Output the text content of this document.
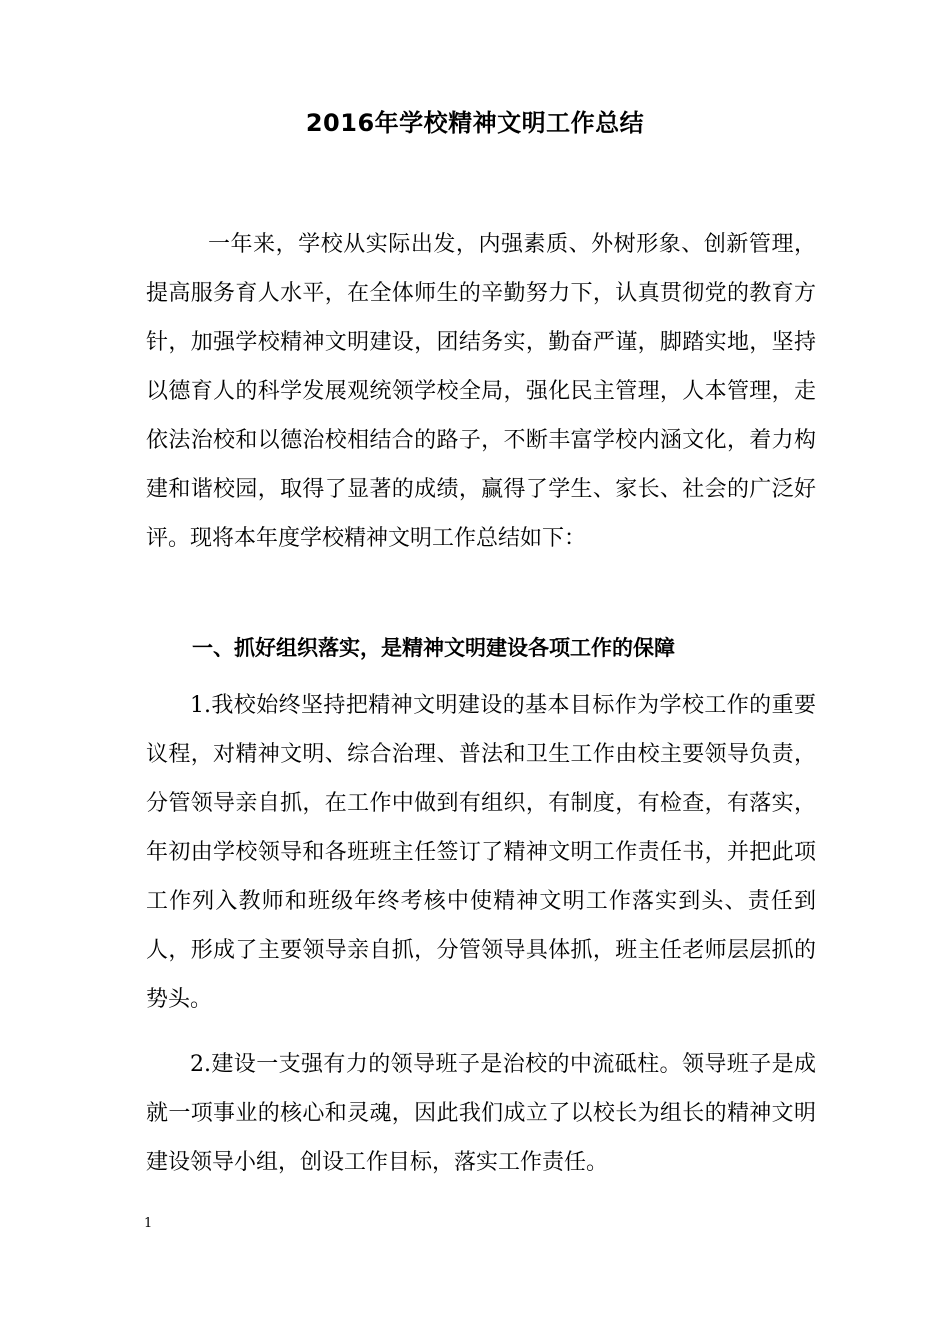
2016年学校精神文明工作总结

一年来，学校从实际出发，内强素质、外树形象、创新管理，提高服务育人水平，在全体师生的辛勤努力下，认真贯彻党的教育方针，加强学校精神文明建设，团结务实，勤奋严谨，脚踏实地，坚持以德育人的科学发展观统领学校全局，强化民主管理，人本管理，走依法治校和以德治校相结合的路子，不断丰富学校内涵文化，着力构建和谐校园，取得了显著的成绩，赢得了学生、家长、社会的广泛好评。现将本年度学校精神文明工作总结如下：

一、抓好组织落实，是精神文明建设各项工作的保障

1.我校始终坚持把精神文明建设的基本目标作为学校工作的重要议程，对精神文明、综合治理、普法和卫生工作由校主要领导负责，分管领导亲自抓，在工作中做到有组织，有制度，有检查，有落实，年初由学校领导和各班班主任签订了精神文明工作责任书，并把此项工作列入教师和班级年终考核中使精神文明工作落实到头、责任到人，形成了主要领导亲自抓，分管领导具体抓，班主任老师层层抓的势头。

2.建设一支强有力的领导班子是治校的中流砥柱。领导班子是成就一项事业的核心和灵魂，因此我们成立了以校长为组长的精神文明建设领导小组，创设工作目标，落实工作责任。

1
